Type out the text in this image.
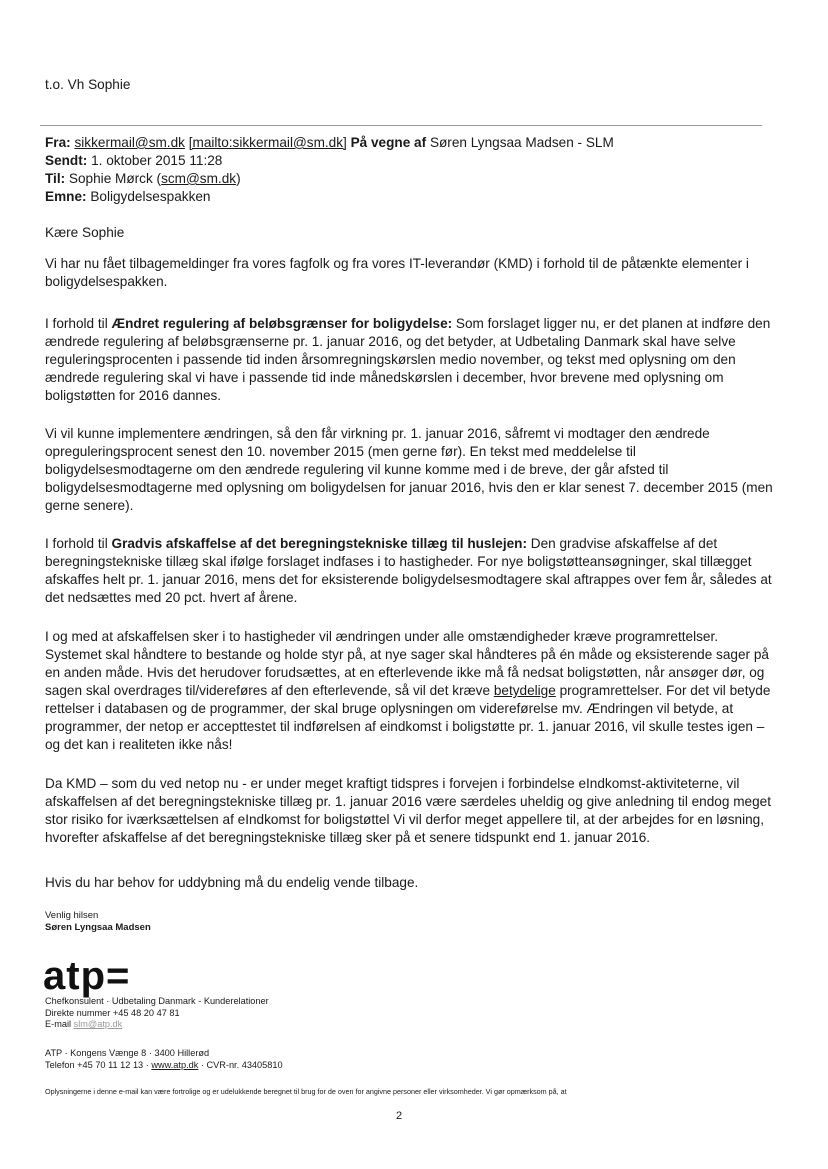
t.o. Vh Sophie
Fra: sikkermail@sm.dk [mailto:sikkermail@sm.dk] På vegne af Søren Lyngsaa Madsen - SLM
Sendt: 1. oktober 2015 11:28
Til: Sophie Mørck (scm@sm.dk)
Emne: Boligydelsespakken
Kære Sophie

Vi har nu fået tilbagemeldinger fra vores fagfolk og fra vores IT-leverandør (KMD) i forhold til de påtænkte elementer i boligydelsespakken.

I forhold til Ændret regulering af beløbsgrænser for boligydelse: Som forslaget ligger nu, er det planen at indføre den ændrede regulering af beløbsgrænserne pr. 1. januar 2016, og det betyder, at Udbetaling Danmark skal have selve reguleringsprocenten i passende tid inden årsomregningskørslen medio november, og tekst med oplysning om den ændrede regulering skal vi have i passende tid inde månedskørslen i december, hvor brevene med oplysning om boligstøtten for 2016 dannes.

Vi vil kunne implementere ændringen, så den får virkning pr. 1. januar 2016, såfremt vi modtager den ændrede opreguleringsprocent senest den 10. november 2015 (men gerne før). En tekst med meddelelse til boligydelsesmodtagerne om den ændrede regulering vil kunne komme med i de breve, der går afsted til boligydelsesmodtagerne med oplysning om boligydelsen for januar 2016, hvis den er klar senest 7. december 2015 (men gerne senere).

I forhold til Gradvis afskaffelse af det beregningstekniske tillæg til huslejen: Den gradvise afskaffelse af det beregningstekniske tillæg skal ifølge forslaget indfases i to hastigheder. For nye boligstøtteansøgninger, skal tillægget afskaffes helt pr. 1. januar 2016, mens det for eksisterende boligydelsesmodtagere skal aftrappes over fem år, således at det nedsættes med 20 pct. hvert af årene.

I og med at afskaffelsen sker i to hastigheder vil ændringen under alle omstændigheder kræve programrettelser. Systemet skal håndtere to bestande og holde styr på, at nye sager skal håndteres på én måde og eksisterende sager på en anden måde. Hvis det herudover forudsættes, at en efterlevende ikke må få nedsat boligstøtten, når ansøger dør, og sagen skal overdrages til/videreføres af den efterlevende, så vil det kræve betydelige programrettelser. For det vil betyde rettelser i databasen og de programmer, der skal bruge oplysningen om videreførelse mv. Ændringen vil betyde, at programmer, der netop er accepttestet til indførelsen af eindkomst i boligstøtte pr. 1. januar 2016, vil skulle testes igen – og det kan i realiteten ikke nås!

Da KMD – som du ved netop nu - er under meget kraftigt tidspres i forvejen i forbindelse eIndkomst-aktiviteterne, vil afskaffelsen af det beregningstekniske tillæg pr. 1. januar 2016 være særdeles uheldig og give anledning til endog meget stor risiko for iværksættelsen af eIndkomst for boligstøttel Vi vil derfor meget appellere til, at der arbejdes for en løsning, hvorefter afskaffelse af det beregningstekniske tillæg sker på et senere tidspunkt end 1. januar 2016.

Hvis du har behov for uddybning må du endelig vende tilbage.

Venlig hilsen
Søren Lyngsaa Madsen
atp=
Chefkonsulent · Udbetaling Danmark - Kunderelationer
Direkte nummer +45 48 20 47 81
E-mail slm@atp.dk
ATP · Kongens Vænge 8 · 3400 Hillerød
Telefon +45 70 11 12 13 · www.atp.dk · CVR-nr. 43405810
Oplysningerne i denne e-mail kan være fortrolige og er udelukkende beregnet til brug for de oven for angivne personer eller virksomheder. Vi gør opmærksom på, at
2
